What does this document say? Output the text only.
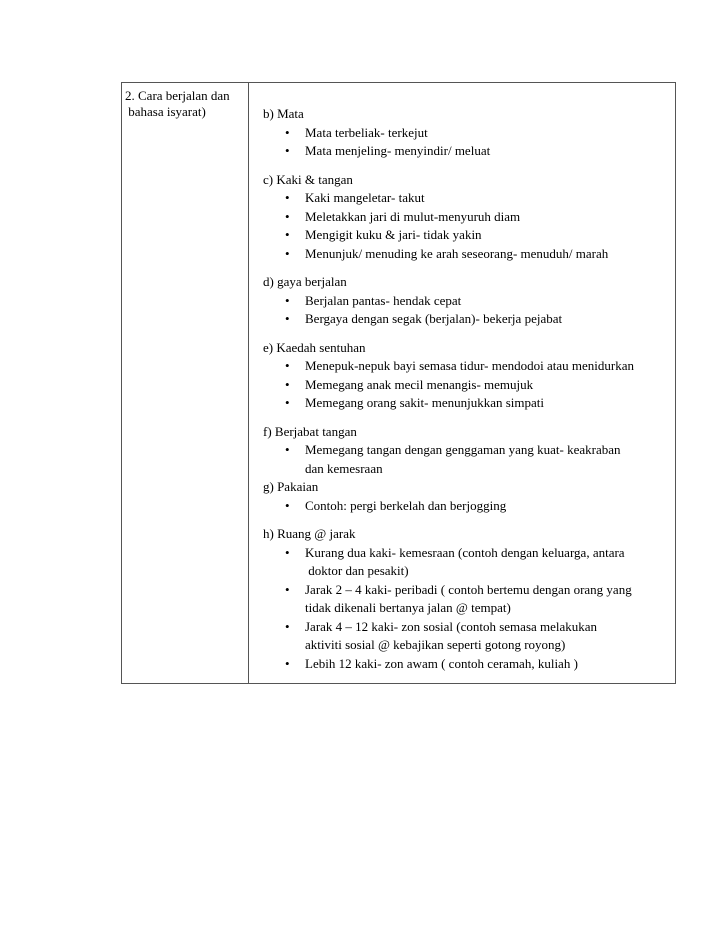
2. Cara berjalan dan
bahasa isyarat)	b) Mata
•	Mata terbeliak- terkejut
•	Mata menjeling- menyindir/ meluat
c) Kaki & tangan
•	Kaki mangeletar- takut
•	Meletakkan jari di mulut-menyuruh diam
•	Mengigit kuku & jari- tidak yakin
•	Menunjuk/ menuding ke arah seseorang- menuduh/ marah
d) gaya berjalan
•	Berjalan pantas- hendak cepat
•	Bergaya dengan segak (berjalan)- bekerja pejabat
e) Kaedah sentuhan
•	Menepuk-nepuk bayi semasa tidur- mendodoi atau menidurkan
•	Memegang anak mecil menangis- memujuk
•	Memegang orang sakit- menunjukkan simpati
f) Berjabat tangan
•	Memegang tangan dengan genggaman yang kuat- keakraban
dan kemesraan
g) Pakaian
•	Contoh: pergi berkelah dan berjogging
h) Ruang @ jarak
•	Kurang dua kaki- kemesraan (contoh dengan keluarga, antara
doktor dan pesakit)
•	Jarak 2 – 4 kaki- peribadi ( contoh bertemu dengan orang yang
tidak dikenali bertanya jalan @ tempat)
•	Jarak 4 – 12 kaki- zon sosial (contoh semasa melakukan
aktiviti sosial @ kebajikan seperti gotong royong)
•	Lebih 12 kaki- zon awam ( contoh ceramah, kuliah )
